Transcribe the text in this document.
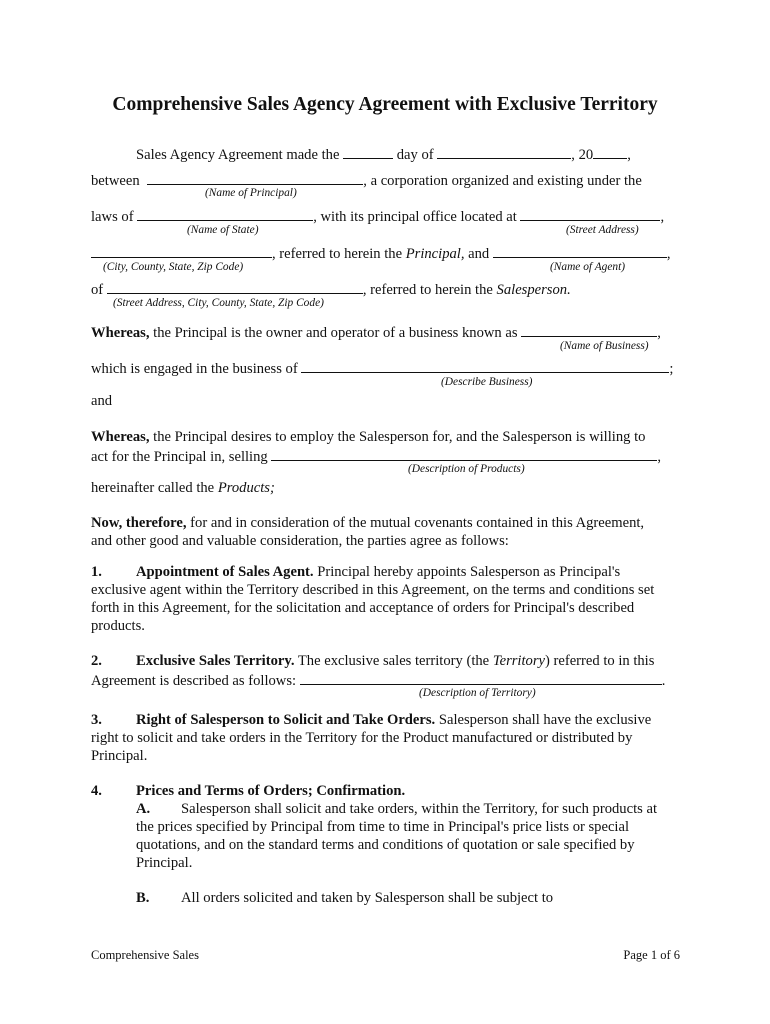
Comprehensive Sales Agency Agreement with Exclusive Territory
Sales Agency Agreement made the	day of	, 20 ,
between	, a corporation organized and existing under the
(Name of Principal)
laws of	, with its principal office located at	,
(Name of State)	(Street Address)
, referred to herein the Principal, and	,
(City, County, State, Zip Code)	(Name of Agent)
of	, referred to herein the Salesperson.
(Street Address, City, County, State, Zip Code)
Whereas, the Principal is the owner and operator of a business known as	,
(Name of Business)
which is engaged in the business of	;
(Describe Business)
and
Whereas, the Principal desires to employ the Salesperson for, and the Salesperson is willing to
act for the Principal in, selling	,
(Description of Products)
hereinafter called the Products;
Now, therefore, for and in consideration of the mutual covenants contained in this Agreement,
and other good and valuable consideration, the parties agree as follows:
1. Appointment of Sales Agent. Principal hereby appoints Salesperson as Principal's
exclusive agent within the Territory described in this Agreement, on the terms and conditions set
forth in this Agreement, for the solicitation and acceptance of orders for Principal's described
products.
2. Exclusive Sales Territory. The exclusive sales territory (the Territory) referred to in this
Agreement is described as follows:	.
(Description of Territory)
3. Right of Salesperson to Solicit and Take Orders. Salesperson shall have the exclusive
right to solicit and take orders in the Territory for the Product manufactured or distributed by
Principal.
4. Prices and Terms of Orders; Confirmation.
A. Salesperson shall solicit and take orders, within the Territory, for such products at
the prices specified by Principal from time to time in Principal's price lists or special
quotations, and on the standard terms and conditions of quotation or sale specified by
Principal.
B. All orders solicited and taken by Salesperson shall be subject to
Comprehensive Sales	Page 1 of 6
